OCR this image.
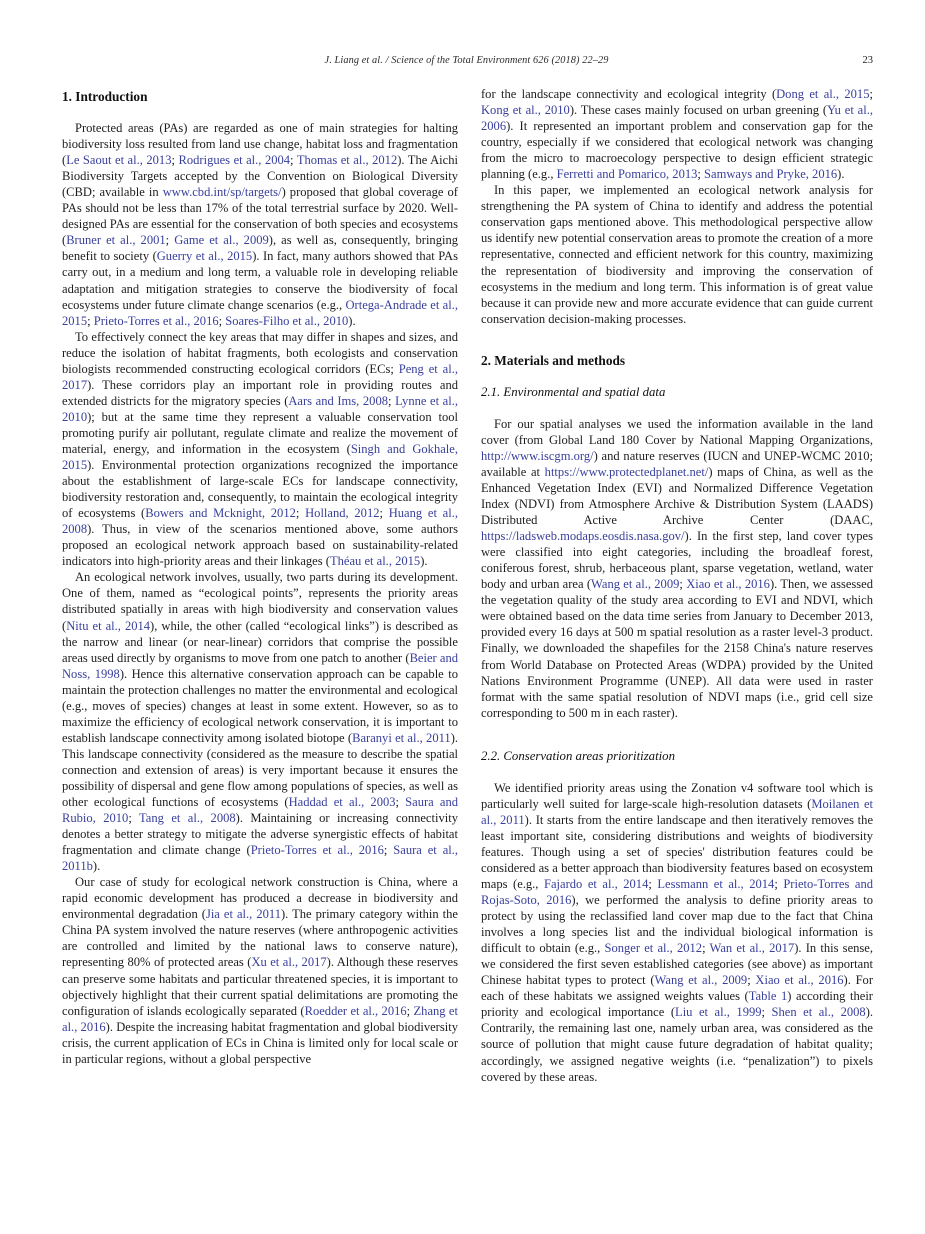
J. Liang et al. / Science of the Total Environment 626 (2018) 22–29	23
1. Introduction

Protected areas (PAs) are regarded as one of main strategies for halting biodiversity loss resulted from land use change, habitat loss and fragmentation (Le Saout et al., 2013; Rodrigues et al., 2004; Thomas et al., 2012). The Aichi Biodiversity Targets accepted by the Convention on Biological Diversity (CBD; available in www.cbd.int/sp/targets/) proposed that global coverage of PAs should not be less than 17% of the total terrestrial surface by 2020. Well-designed PAs are essential for the conservation of both species and ecosystems (Bruner et al., 2001; Game et al., 2009), as well as, consequently, bringing benefit to society (Guerry et al., 2015). In fact, many authors showed that PAs carry out, in a medium and long term, a valuable role in developing reliable adaptation and mitigation strategies to conserve the biodiversity of focal ecosystems under future climate change scenarios (e.g., Ortega-Andrade et al., 2015; Prieto-Torres et al., 2016; Soares-Filho et al., 2010).

To effectively connect the key areas that may differ in shapes and sizes, and reduce the isolation of habitat fragments, both ecologists and conservation biologists recommended constructing ecological corridors (ECs; Peng et al., 2017). These corridors play an important role in providing routes and extended districts for the migratory species (Aars and Ims, 2008; Lynne et al., 2010); but at the same time they represent a valuable conservation tool promoting purify air pollutant, regulate climate and realize the movement of material, energy, and information in the ecosystem (Singh and Gokhale, 2015). Environmental protection organizations recognized the importance about the establishment of large-scale ECs for landscape connectivity, biodiversity restoration and, consequently, to maintain the ecological integrity of ecosystems (Bowers and Mcknight, 2012; Holland, 2012; Huang et al., 2008). Thus, in view of the scenarios mentioned above, some authors proposed an ecological network approach based on sustainability-related indicators into high-priority areas and their linkages (Théau et al., 2015).

An ecological network involves, usually, two parts during its development. One of them, named as “ecological points”, represents the priority areas distributed spatially in areas with high biodiversity and conservation values (Nitu et al., 2014), while, the other (called “ecological links”) is described as the narrow and linear (or near-linear) corridors that comprise the possible areas used directly by organisms to move from one patch to another (Beier and Noss, 1998). Hence this alternative conservation approach can be capable to maintain the protection challenges no matter the environmental and ecological (e.g., moves of species) changes at least in some extent. However, so as to maximize the efficiency of ecological network conservation, it is important to establish landscape connectivity among isolated biotope (Baranyi et al., 2011). This landscape connectivity (considered as the measure to describe the spatial connection and extension of areas) is very important because it ensures the possibility of dispersal and gene flow among populations of species, as well as other ecological functions of ecosystems (Haddad et al., 2003; Saura and Rubio, 2010; Tang et al., 2008). Maintaining or increasing connectivity denotes a better strategy to mitigate the adverse synergistic effects of habitat fragmentation and climate change (Prieto-Torres et al., 2016; Saura et al., 2011b).

Our case of study for ecological network construction is China, where a rapid economic development has produced a decrease in biodiversity and environmental degradation (Jia et al., 2011). The primary category within the China PA system involved the nature reserves (where anthropogenic activities are controlled and limited by the national laws to conserve nature), representing 80% of protected areas (Xu et al., 2017). Although these reserves can preserve some habitats and particular threatened species, it is important to objectively highlight that their current spatial delimitations are promoting the configuration of islands ecologically separated (Roedder et al., 2016; Zhang et al., 2016). Despite the increasing habitat fragmentation and global biodiversity crisis, the current application of ECs in China is limited only for local scale or in particular regions, without a global perspective

for the landscape connectivity and ecological integrity (Dong et al., 2015; Kong et al., 2010). These cases mainly focused on urban greening (Yu et al., 2006). It represented an important problem and conservation gap for the country, especially if we considered that ecological network was changing from the micro to macroecology perspective to design efficient strategic planning (e.g., Ferretti and Pomarico, 2013; Samways and Pryke, 2016).

In this paper, we implemented an ecological network analysis for strengthening the PA system of China to identify and address the potential conservation gaps mentioned above. This methodological perspective allow us identify new potential conservation areas to promote the creation of a more representative, connected and efficient network for this country, maximizing the representation of biodiversity and improving the conservation of ecosystems in the medium and long term. This information is of great value because it can provide new and more accurate evidence that can guide current conservation decision-making processes.

2. Materials and methods
2.1. Environmental and spatial data

For our spatial analyses we used the information available in the land cover (from Global Land 180 Cover by National Mapping Organizations, http://www.iscgm.org/) and nature reserves (IUCN and UNEP-WCMC 2010; available at https://www.protectedplanet.net/) maps of China, as well as the Enhanced Vegetation Index (EVI) and Normalized Difference Vegetation Index (NDVI) from Atmosphere Archive & Distribution System (LAADS) Distributed Active Archive Center (DAAC, https://ladsweb.modaps.eosdis.nasa.gov/). In the first step, land cover types were classified into eight categories, including the broadleaf forest, coniferous forest, shrub, herbaceous plant, sparse vegetation, wetland, water body and urban area (Wang et al., 2009; Xiao et al., 2016). Then, we assessed the vegetation quality of the study area according to EVI and NDVI, which were obtained based on the data time series from January to December 2013, provided every 16 days at 500 m spatial resolution as a raster level-3 product. Finally, we downloaded the shapefiles for the 2158 China's nature reserves from World Database on Protected Areas (WDPA) provided by the United Nations Environment Programme (UNEP). All data were used in raster format with the same spatial resolution of NDVI maps (i.e., grid cell size corresponding to 500 m in each raster).

2.2. Conservation areas prioritization

We identified priority areas using the Zonation v4 software tool which is particularly well suited for large-scale high-resolution datasets (Moilanen et al., 2011). It starts from the entire landscape and then iteratively removes the least important site, considering distributions and weights of biodiversity features. Though using a set of species' distribution features could be considered as a better approach than biodiversity features based on ecosystem maps (e.g., Fajardo et al., 2014; Lessmann et al., 2014; Prieto-Torres and Rojas-Soto, 2016), we performed the analysis to define priority areas to protect by using the reclassified land cover map due to the fact that China involves a long species list and the individual biological information is difficult to obtain (e.g., Songer et al., 2012; Wan et al., 2017). In this sense, we considered the first seven established categories (see above) as important Chinese habitat types to protect (Wang et al., 2009; Xiao et al., 2016). For each of these habitats we assigned weights values (Table 1) according their priority and ecological importance (Liu et al., 1999; Shen et al., 2008). Contrarily, the remaining last one, namely urban area, was considered as the source of pollution that might cause future degradation of habitat quality; accordingly, we assigned negative weights (i.e. “penalization”) to pixels covered by these areas.
